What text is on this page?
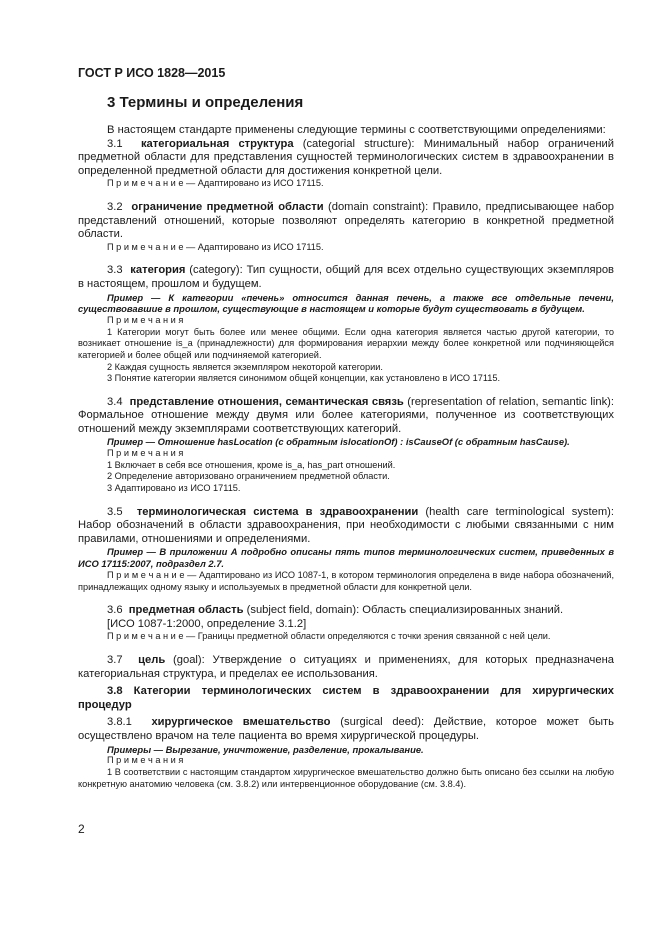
ГОСТ Р ИСО 1828—2015
3 Термины и определения

В настоящем стандарте применены следующие термины с соответствующими определениями:

3.1 категориальная структура (categorial structure): Минимальный набор ограничений предметной области для представления сущностей терминологических систем в здравоохранении в определенной предметной области для достижения конкретной цели.

П р и м е ч а н и е — Адаптировано из ИСО 17115.

3.2 ограничение предметной области (domain constraint): Правило, предписывающее набор представлений отношений, которые позволяют определять категорию в конкретной предметной области.

П р и м е ч а н и е — Адаптировано из ИСО 17115.

3.3 категория (category): Тип сущности, общий для всех отдельно существующих экземпляров в настоящем, прошлом и будущем.

Пример — К категории «печень» относится данная печень, а также все отдельные печени, существовавшие в прошлом, существующие в настоящем и которые будут существовать в будущем.

П р и м е ч а н и я

1 Категории могут быть более или менее общими. Если одна категория является частью другой категории, то возникает отношение is_a (принадлежности) для формирования иерархии между более конкретной или подчиняющейся категорией и более общей или подчиняемой категорией.

2 Каждая сущность является экземпляром некоторой категории.

3 Понятие категории является синонимом общей концепции, как установлено в ИСО 17115.

3.4 представление отношения, семантическая связь (representation of relation, semantic link): Формальное отношение между двумя или более категориями, полученное из соответствующих отношений между экземплярами соответствующих категорий.

Пример — Отношение hasLocation (с обратным islocationOf) : isCauseOf (с обратным hasCause).

П р и м е ч а н и я

1 Включает в себя все отношения, кроме is_a, has_part отношений.

2 Определение авторизовано ограничением предметной области.

3 Адаптировано из ИСО 17115.

3.5 терминологическая система в здравоохранении (health care terminological system): Набор обозначений в области здравоохранения, при необходимости с любыми связанными с ним правилами, отношениями и определениями.

Пример — В приложении А подробно описаны пять типов терминологических систем, приведенных в ИСО 17115:2007, подраздел 2.7.

П р и м е ч а н и е — Адаптировано из ИСО 1087-1, в котором терминология определена в виде набора обозначений, принадлежащих одному языку и используемых в предметной области для конкретной цели.

3.6 предметная область (subject field, domain): Область специализированных знаний.

[ИСО 1087-1:2000, определение 3.1.2]

П р и м е ч а н и е — Границы предметной области определяются с точки зрения связанной с ней цели.

3.7 цель (goal): Утверждение о ситуациях и применениях, для которых предназначена категориальная структура, и пределах ее использования.

3.8 Категории терминологических систем в здравоохранении для хирургических процедур

3.8.1 хирургическое вмешательство (surgical deed): Действие, которое может быть осуществлено врачом на теле пациента во время хирургической процедуры.

Примеры — Вырезание, уничтожение, разделение, прокалывание.

П р и м е ч а н и я

1 В соответствии с настоящим стандартом хирургическое вмешательство должно быть описано без ссылки на любую конкретную анатомию человека (см. 3.8.2) или интервенционное оборудование (см. 3.8.4).

2
